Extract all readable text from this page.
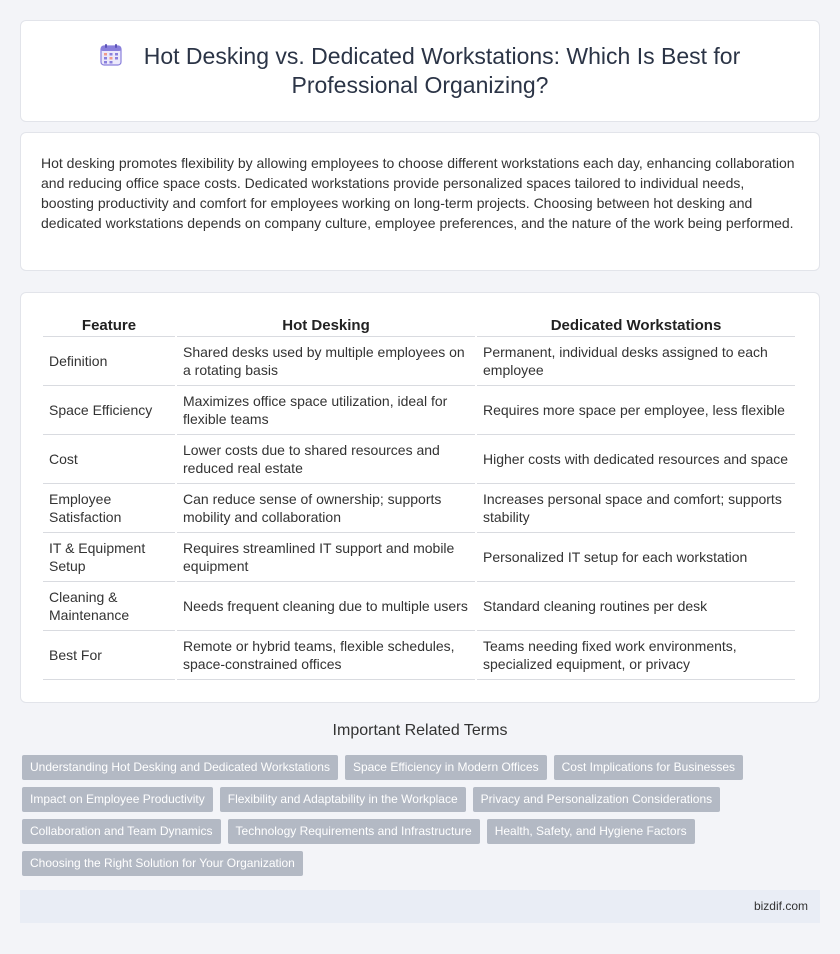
Hot Desking vs. Dedicated Workstations: Which Is Best for Professional Organizing?

Hot desking promotes flexibility by allowing employees to choose different workstations each day, enhancing collaboration and reducing office space costs. Dedicated workstations provide personalized spaces tailored to individual needs, boosting productivity and comfort for employees working on long-term projects. Choosing between hot desking and dedicated workstations depends on company culture, employee preferences, and the nature of the work being performed.

Feature	Hot Desking	Dedicated Workstations
Definition	Shared desks used by multiple employees on a rotating basis	Permanent, individual desks assigned to each employee
Space Efficiency	Maximizes office space utilization, ideal for flexible teams	Requires more space per employee, less flexible
Cost	Lower costs due to shared resources and reduced real estate	Higher costs with dedicated resources and space
Employee Satisfaction	Can reduce sense of ownership; supports mobility and collaboration	Increases personal space and comfort; supports stability
IT & Equipment Setup	Requires streamlined IT support and mobile equipment	Personalized IT setup for each workstation
Cleaning & Maintenance	Needs frequent cleaning due to multiple users	Standard cleaning routines per desk
Best For	Remote or hybrid teams, flexible schedules, space-constrained offices	Teams needing fixed work environments, specialized equipment, or privacy
Important Related Terms
Understanding Hot Desking and Dedicated Workstations	Space Efficiency in Modern Offices	Cost Implications for Businesses
Impact on Employee Productivity	Flexibility and Adaptability in the Workplace	Privacy and Personalization Considerations
Collaboration and Team Dynamics	Technology Requirements and Infrastructure	Health, Safety, and Hygiene Factors
Choosing the Right Solution for Your Organization
bizdif.com
